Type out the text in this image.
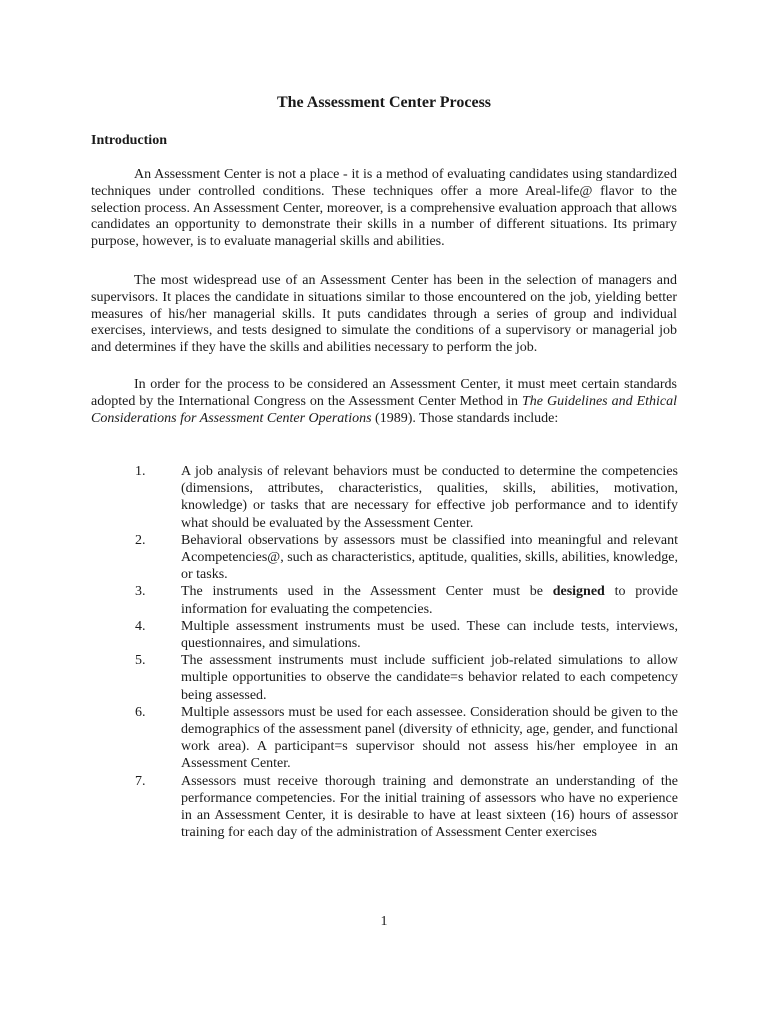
The Assessment Center Process
Introduction

An Assessment Center is not a place - it is a method of evaluating candidates using standardized techniques under controlled conditions. These techniques offer a more Areal-life@ flavor to the selection process. An Assessment Center, moreover, is a comprehensive evaluation approach that allows candidates an opportunity to demonstrate their skills in a number of different situations. Its primary purpose, however, is to evaluate managerial skills and abilities.

The most widespread use of an Assessment Center has been in the selection of managers and supervisors. It places the candidate in situations similar to those encountered on the job, yielding better measures of his/her managerial skills. It puts candidates through a series of group and individual exercises, interviews, and tests designed to simulate the conditions of a supervisory or managerial job and determines if they have the skills and abilities necessary to perform the job.

In order for the process to be considered an Assessment Center, it must meet certain standards adopted by the International Congress on the Assessment Center Method in The Guidelines and Ethical Considerations for Assessment Center Operations (1989). Those standards include:

1.	A job analysis of relevant behaviors must be conducted to determine the competencies (dimensions, attributes, characteristics, qualities, skills, abilities, motivation, knowledge) or tasks that are necessary for effective job performance and to identify what should be evaluated by the Assessment Center.
2.	Behavioral observations by assessors must be classified into meaningful and relevant Acompetencies@, such as characteristics, aptitude, qualities, skills, abilities, knowledge, or tasks.
3.	The instruments used in the Assessment Center must be designed to provide information for evaluating the competencies.
4.	Multiple assessment instruments must be used. These can include tests, interviews, questionnaires, and simulations.
5.	The assessment instruments must include sufficient job-related simulations to allow multiple opportunities to observe the candidate=s behavior related to each competency being assessed.
6.	Multiple assessors must be used for each assessee. Consideration should be given to the demographics of the assessment panel (diversity of ethnicity, age, gender, and functional work area). A participant=s supervisor should not assess his/her employee in an Assessment Center.
7.	Assessors must receive thorough training and demonstrate an understanding of the performance competencies. For the initial training of assessors who have no experience in an Assessment Center, it is desirable to have at least sixteen (16) hours of assessor training for each day of the administration of Assessment Center exercises
1
